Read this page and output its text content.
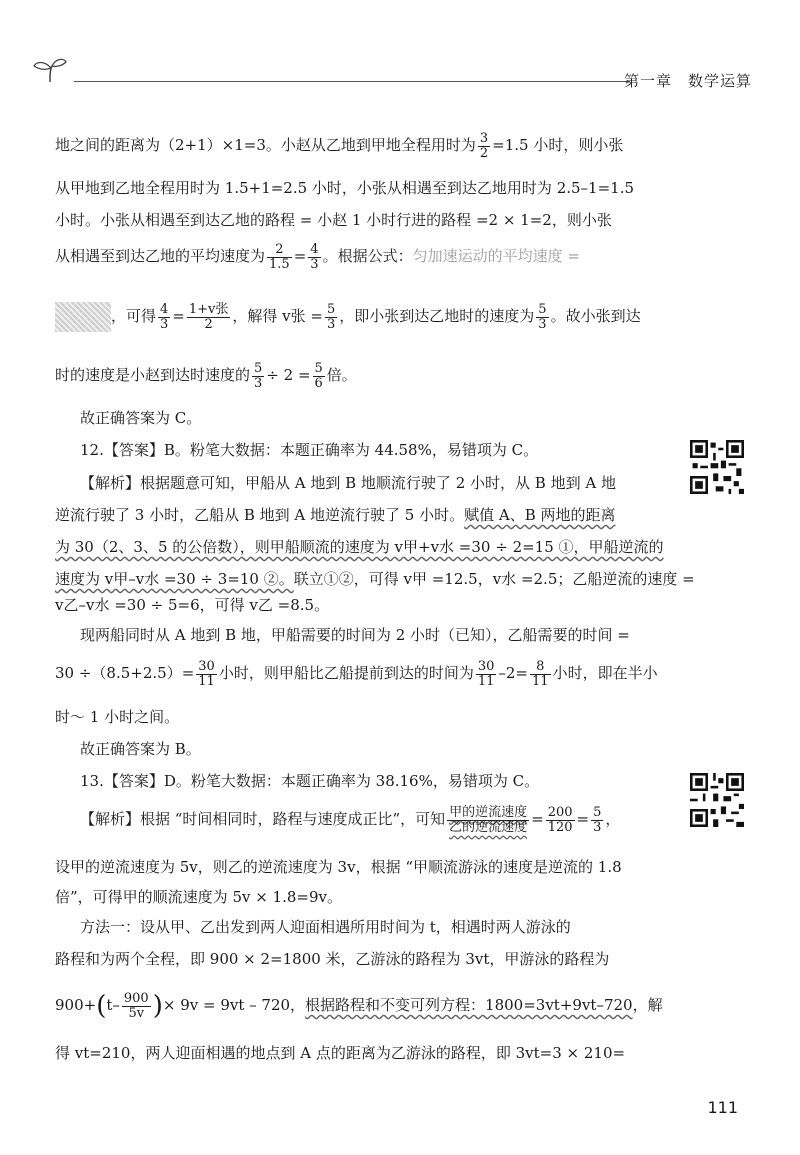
第一章　数学运算
地之间的距离为（2+1）×1=3。小赵从乙地到甲地全程用时为 $\frac{3}{2} =1.5$ 小时，则小张
从甲地到乙地全程用时为 1.5+1=2.5 小时，小张从相遇至到达乙地用时为 2.5–1=1.5
小时。小张从相遇至到达乙地的路程 = 小赵 1 小时行进的路程 =2 × 1=2，则小张
从相遇至到达乙地的平均速度为 $\frac{2}{1.5} = \frac{4}{3}$ 。根据公式：匀加速运动的平均速度 =
，可得 $\frac{4}{3} = \frac{\text{1+v张}}{2}$ ，解得 v张 = $\frac{5}{3}$ ，即小张到达乙地时的速度为 $\frac{5}{3}$ 。故小张到达
时的速度是小赵到达时速度的 $\frac{5}{3} \div 2 = \frac{5}{6}$ 倍。
故正确答案为 C。
12.【答案】B。粉笔大数据：本题正确率为 44.58%，易错项为 C。
【解析】根据题意可知，甲船从 A 地到 B 地顺流行驶了 2 小时，从 B 地到 A 地
逆流行驶了 3 小时，乙船从 B 地到 A 地逆流行驶了 5 小时。赋值 A、B 两地的距离
为 30（2、3、5 的公倍数），则甲船顺流的速度为 v甲+v水 =30 ÷ 2=15 ①，甲船逆流的
速度为 v甲–v水 =30 ÷ 3=10 ②。联立①②，可得 v甲 =12.5，v水 =2.5；乙船逆流的速度 =
v乙–v水 =30 ÷ 5=6，可得 v乙 =8.5。
现两船同时从 A 地到 B 地，甲船需要的时间为 2 小时（已知），乙船需要的时间 =
$30 \div(8.5+2.5)= \frac{30}{11}$ 小时，则甲船比乙船提前到达的时间为 $\frac{30}{11} -2= \frac{8}{11}$ 小时，即在半小
时～ 1 小时之间。
故正确答案为 B。
13.【答案】D。粉笔大数据：本题正确率为 38.16%，易错项为 C。
【解析】根据 “时间相同时，路程与速度成正比”，可知 $\frac{\text{甲的逆流速度}}{\text{乙的逆流速度}} = \frac{200}{120} = \frac{5}{3}$ ，
设甲的逆流速度为 5v，则乙的逆流速度为 3v，根据 “甲顺流游泳的速度是逆流的 1.8
倍”，可得甲的顺流速度为 5v × 1.8=9v。
方法一：设从甲、乙出发到两人迎面相遇所用时间为 t，相遇时两人游泳的
路程和为两个全程，即 900 × 2=1800 米，乙游泳的路程为 3vt，甲游泳的路程为
$900+(t- \frac{900}{5v}$ )× 9v = 9vt – 720，根据路程和不变可列方程：1800=3vt+9vt–720，解
得 vt=210，两人迎面相遇的地点到 A 点的距离为乙游泳的路程，即 3vt=3 × 210=
111
